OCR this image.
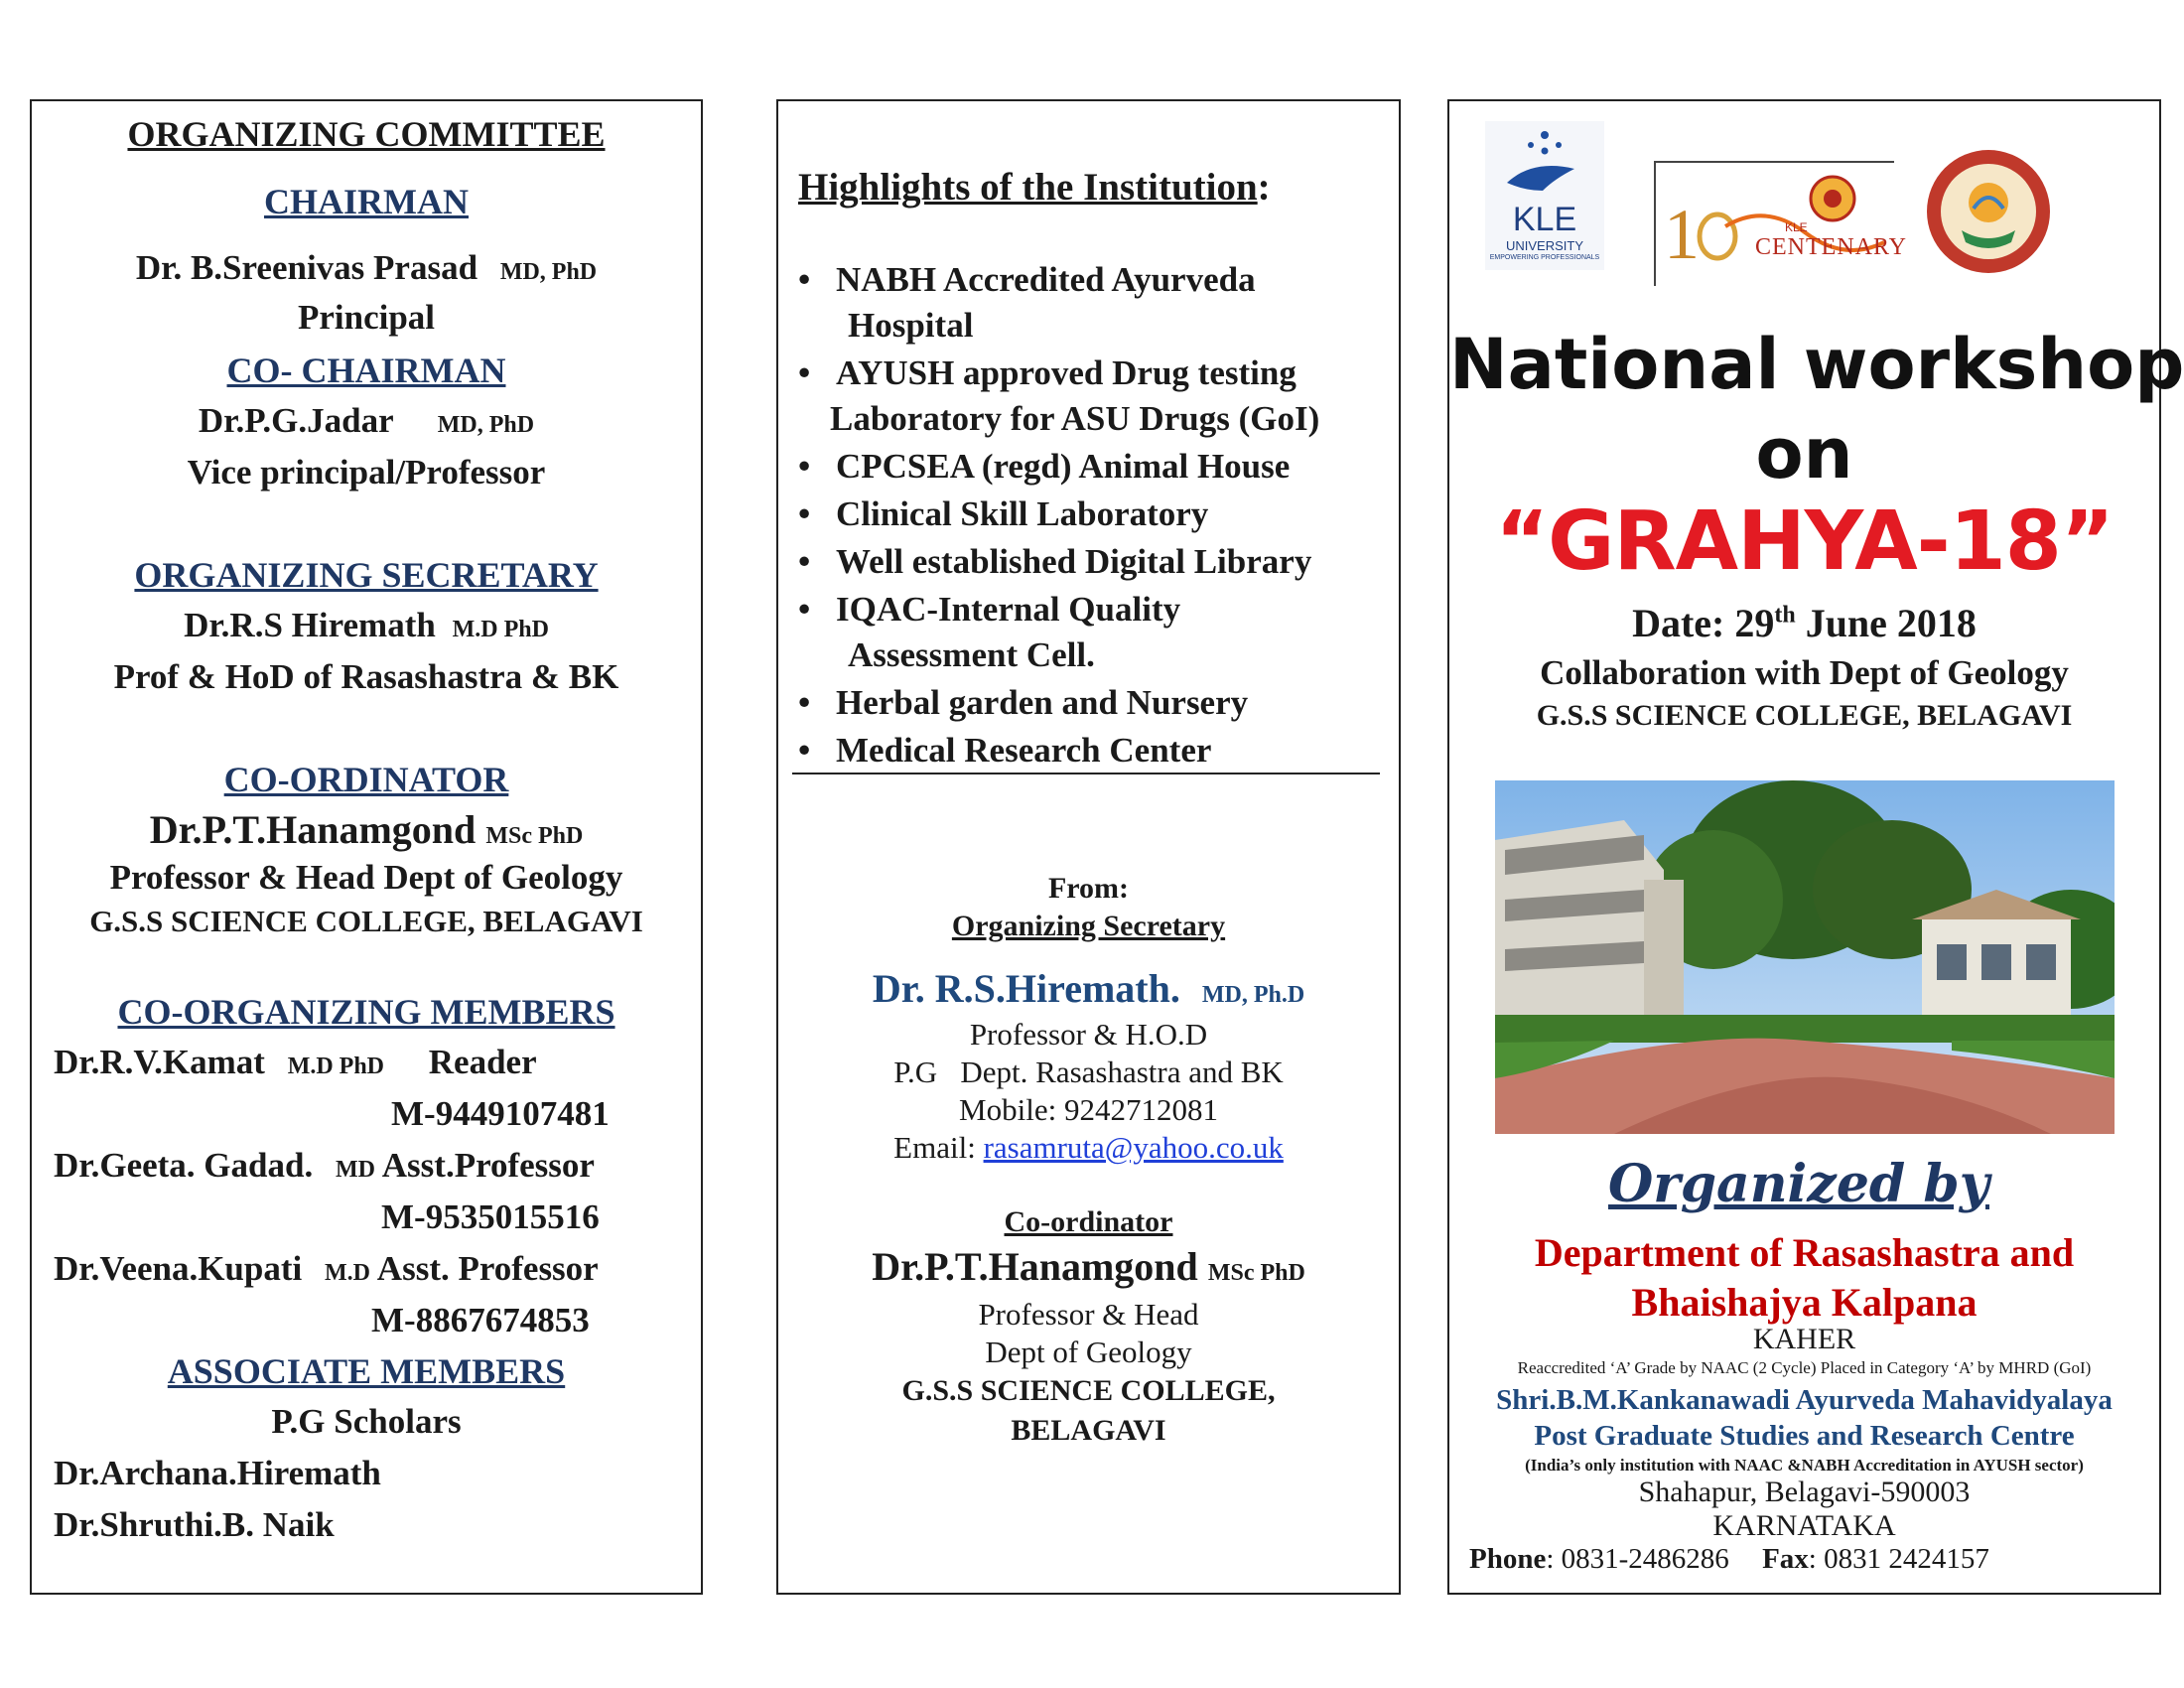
ORGANIZING COMMITTEE
CHAIRMAN
Dr. B.Sreenivas Prasad MD, PhD
Principal
CO- CHAIRMAN
Dr.P.G.Jadar MD, PhD
Vice principal/Professor
ORGANIZING SECRETARY
Dr.R.S Hiremath M.D PhD
Prof & HoD of Rasashastra & BK
CO-ORDINATOR
Dr.P.T.Hanamgond MSc PhD
Professor & Head Dept of Geology
G.S.S SCIENCE COLLEGE, BELAGAVI
CO-ORGANIZING MEMBERS
Dr.R.V.Kamat M.D PhD Reader
M-9449107481
Dr.Geeta. Gadad. MD Asst.Professor
M-9535015516
Dr.Veena.Kupati M.D Asst. Professor
M-8867674853
ASSOCIATE MEMBERS
P.G Scholars
Dr.Archana.Hiremath
Dr.Shruthi.B. Naik
Highlights of the Institution:
• NABH Accredited Ayurveda
Hospital
• AYUSH approved Drug testing
Laboratory for ASU Drugs (GoI)
• CPCSEA (regd) Animal House
• Clinical Skill Laboratory
• Well established Digital Library
• IQAC-Internal Quality
Assessment Cell.
• Herbal garden and Nursery
• Medical Research Center
From:
Organizing Secretary
Dr. R.S.Hiremath. MD, Ph.D
Professor & H.O.D
P.G   Dept. Rasashastra and BK
Mobile: 9242712081
Email: rasamruta@yahoo.co.uk
Co-ordinator
Dr.P.T.Hanamgond MSc PhD
Professor & Head
Dept of Geology
G.S.S SCIENCE COLLEGE,
BELAGAVI
KLE
UNIVERSITY
EMPOWERING PROFESSIONALS 1	KLE
CENTENARY
National workshop
on
“GRAHYA-18”
Date: 29th June 2018
Collaboration with Dept of Geology
G.S.S SCIENCE COLLEGE, BELAGAVI
Organized by
Department of Rasashastra and
Bhaishajya Kalpana
KAHER
Reaccredited ‘A’ Grade by NAAC (2 Cycle) Placed in Category ‘A’ by MHRD (GoI)
Shri.B.M.Kankanawadi Ayurveda Mahavidyalaya
Post Graduate Studies and Research Centre
(India’s only institution with NAAC &NABH Accreditation in AYUSH sector)
Shahapur, Belagavi-590003
KARNATAKA
Phone: 0831-2486286 Fax: 0831 2424157
